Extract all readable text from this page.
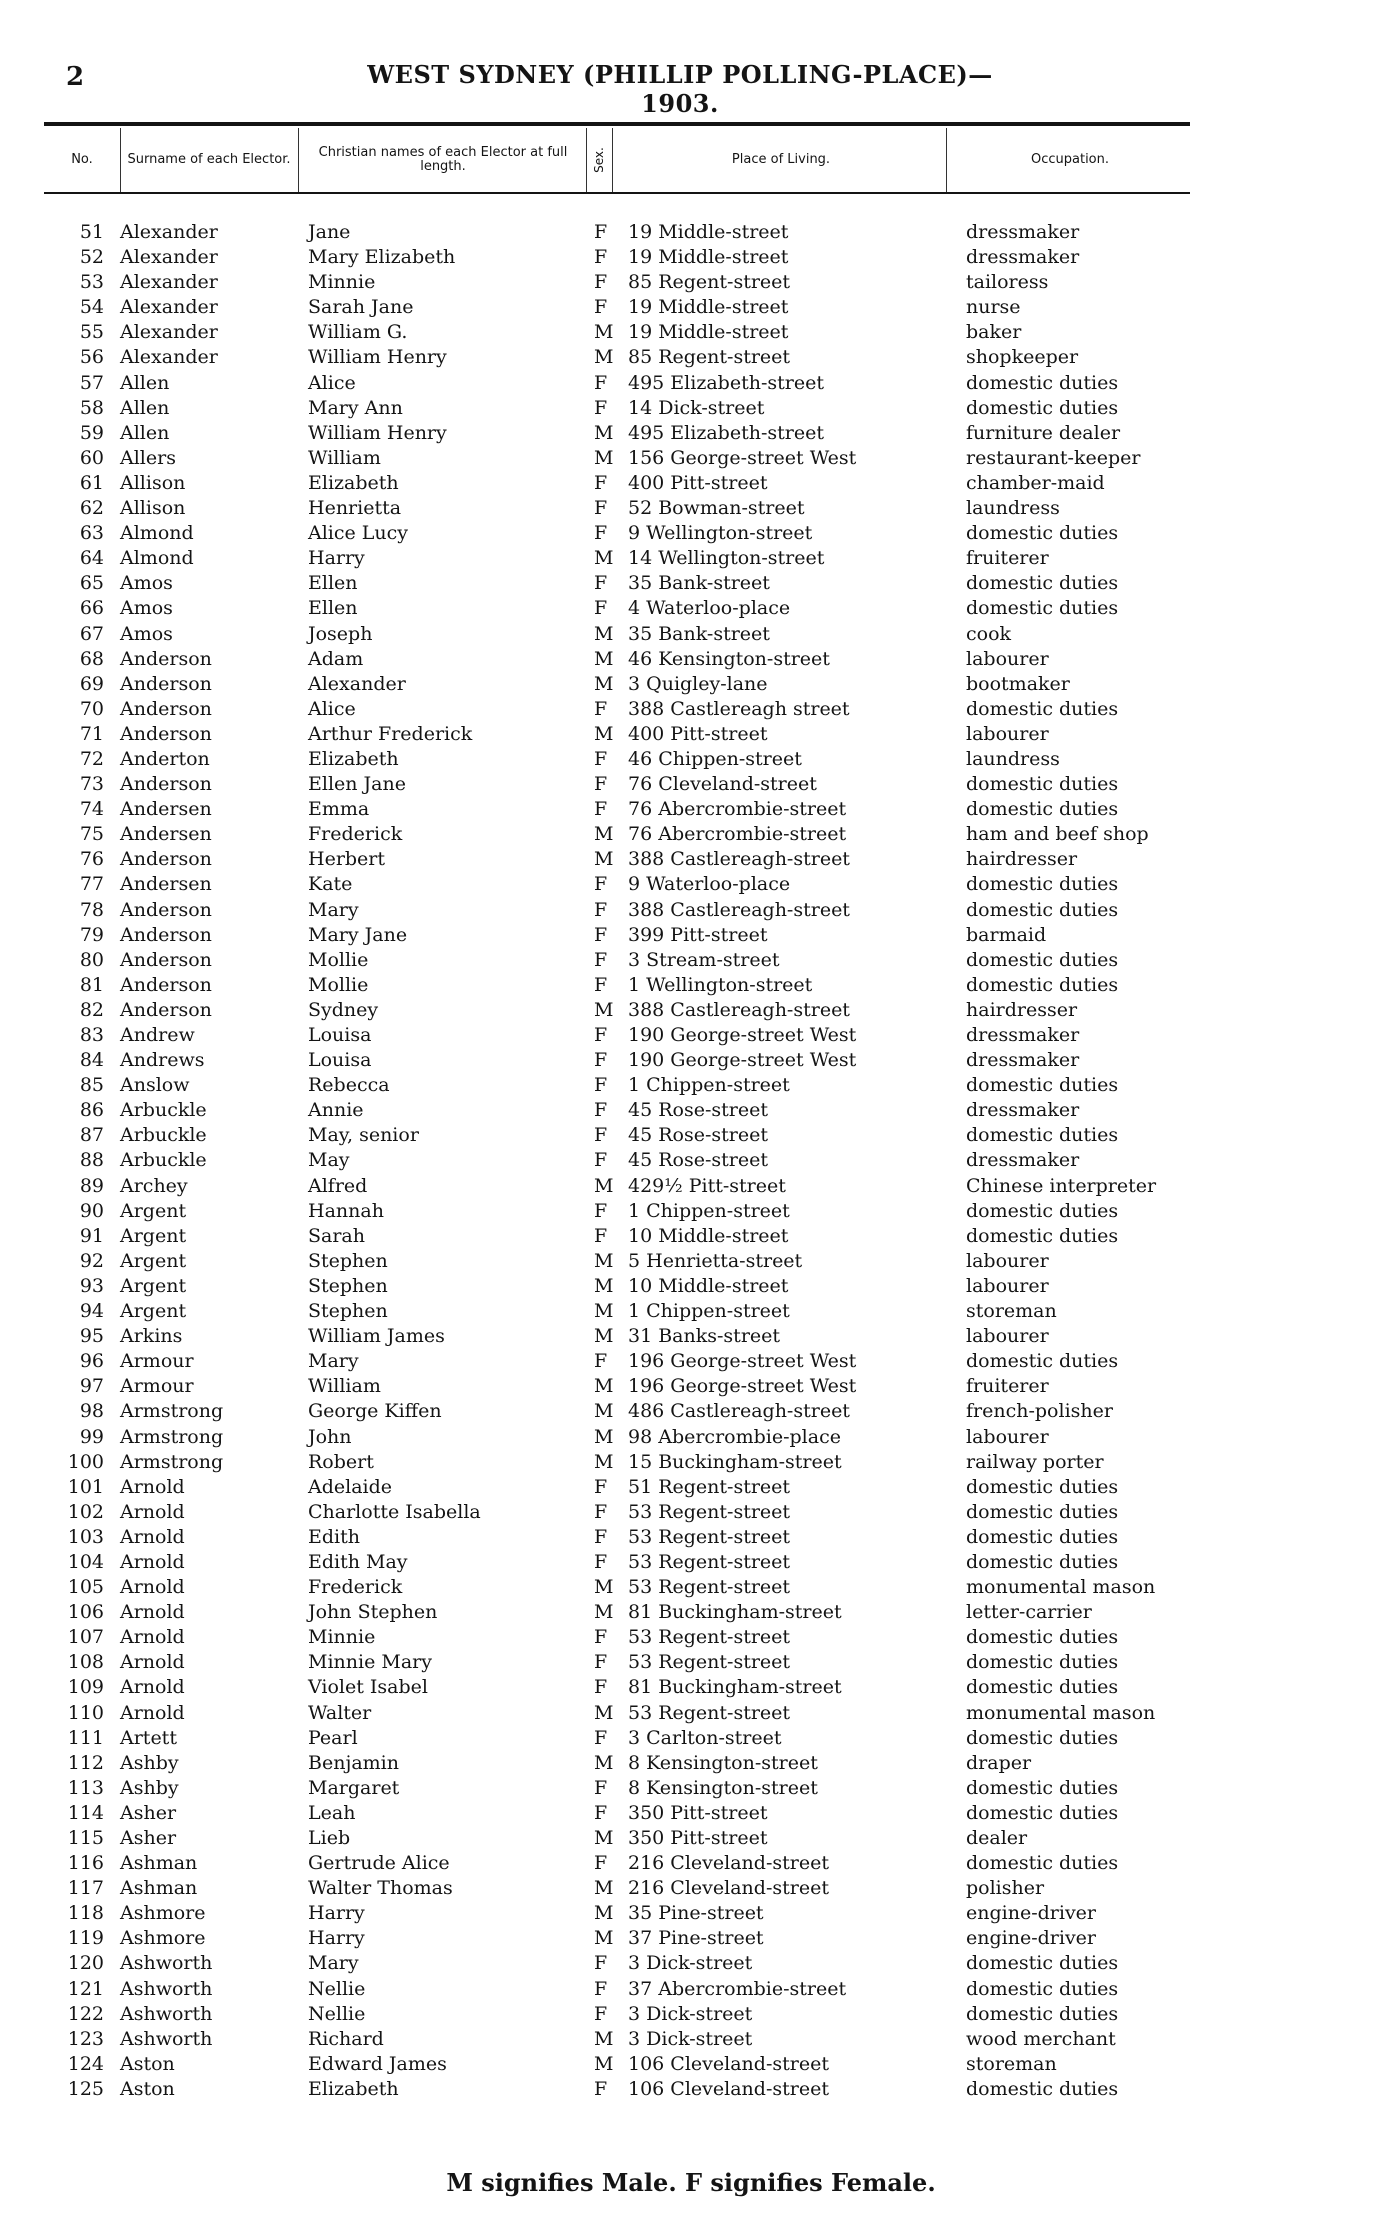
2	WEST SYDNEY (PHILLIP POLLING-PLACE)—1903.
No.	Surname of each Elector.	Christian names of each Elector at full length.	Sex.	Place of Living.	Occupation.
51 Alexander	Jane	F 19 Middle-street	dressmaker
52 Alexander	Mary Elizabeth	F 19 Middle-street	dressmaker
53 Alexander	Minnie	F 85 Regent-street	tailoress
54 Alexander	Sarah Jane	F 19 Middle-street	nurse
55 Alexander	William G.	M 19 Middle-street	baker
56 Alexander	William Henry	M 85 Regent-street	shopkeeper
57 Allen	Alice	F 495 Elizabeth-street	domestic duties
58 Allen	Mary Ann	F 14 Dick-street	domestic duties
59 Allen	William Henry	M 495 Elizabeth-street	furniture dealer
60 Allers	William	M 156 George-street West	restaurant-keeper
61 Allison	Elizabeth	F 400 Pitt-street	chamber-maid
62 Allison	Henrietta	F 52 Bowman-street	laundress
63 Almond	Alice Lucy	F 9 Wellington-street	domestic duties
64 Almond	Harry	M 14 Wellington-street	fruiterer
65 Amos	Ellen	F 35 Bank-street	domestic duties
66 Amos	Ellen	F 4 Waterloo-place	domestic duties
67 Amos	Joseph	M 35 Bank-street	cook
68 Anderson	Adam	M 46 Kensington-street	labourer
69 Anderson	Alexander	M 3 Quigley-lane	bootmaker
70 Anderson	Alice	F 388 Castlereagh street	domestic duties
71 Anderson	Arthur Frederick	M 400 Pitt-street	labourer
72 Anderton	Elizabeth	F 46 Chippen-street	laundress
73 Anderson	Ellen Jane	F 76 Cleveland-street	domestic duties
74 Andersen	Emma	F 76 Abercrombie-street	domestic duties
75 Andersen	Frederick	M 76 Abercrombie-street	ham and beef shop
76 Anderson	Herbert	M 388 Castlereagh-street	hairdresser
77 Andersen	Kate	F 9 Waterloo-place	domestic duties
78 Anderson	Mary	F 388 Castlereagh-street	domestic duties
79 Anderson	Mary Jane	F 399 Pitt-street	barmaid
80 Anderson	Mollie	F 3 Stream-street	domestic duties
81 Anderson	Mollie	F 1 Wellington-street	domestic duties
82 Anderson	Sydney	M 388 Castlereagh-street	hairdresser
83 Andrew	Louisa	F 190 George-street West	dressmaker
84 Andrews	Louisa	F 190 George-street West	dressmaker
85 Anslow	Rebecca	F 1 Chippen-street	domestic duties
86 Arbuckle	Annie	F 45 Rose-street	dressmaker
87 Arbuckle	May, senior	F 45 Rose-street	domestic duties
88 Arbuckle	May	F 45 Rose-street	dressmaker
89 Archey	Alfred	M 429½ Pitt-street	Chinese interpreter
90 Argent	Hannah	F 1 Chippen-street	domestic duties
91 Argent	Sarah	F 10 Middle-street	domestic duties
92 Argent	Stephen	M 5 Henrietta-street	labourer
93 Argent	Stephen	M 10 Middle-street	labourer
94 Argent	Stephen	M 1 Chippen-street	storeman
95 Arkins	William James	M 31 Banks-street	labourer
96 Armour	Mary	F 196 George-street West	domestic duties
97 Armour	William	M 196 George-street West	fruiterer
98 Armstrong	George Kiffen	M 486 Castlereagh-street	french-polisher
99 Armstrong	John	M 98 Abercrombie-place	labourer
100 Armstrong	Robert	M 15 Buckingham-street	railway porter
101 Arnold	Adelaide	F 51 Regent-street	domestic duties
102 Arnold	Charlotte Isabella	F 53 Regent-street	domestic duties
103 Arnold	Edith	F 53 Regent-street	domestic duties
104 Arnold	Edith May	F 53 Regent-street	domestic duties
105 Arnold	Frederick	M 53 Regent-street	monumental mason
106 Arnold	John Stephen	M 81 Buckingham-street	letter-carrier
107 Arnold	Minnie	F 53 Regent-street	domestic duties
108 Arnold	Minnie Mary	F 53 Regent-street	domestic duties
109 Arnold	Violet Isabel	F 81 Buckingham-street	domestic duties
110 Arnold	Walter	M 53 Regent-street	monumental mason
111 Artett	Pearl	F 3 Carlton-street	domestic duties
112 Ashby	Benjamin	M 8 Kensington-street	draper
113 Ashby	Margaret	F 8 Kensington-street	domestic duties
114 Asher	Leah	F 350 Pitt-street	domestic duties
115 Asher	Lieb	M 350 Pitt-street	dealer
116 Ashman	Gertrude Alice	F 216 Cleveland-street	domestic duties
117 Ashman	Walter Thomas	M 216 Cleveland-street	polisher
118 Ashmore	Harry	M 35 Pine-street	engine-driver
119 Ashmore	Harry	M 37 Pine-street	engine-driver
120 Ashworth	Mary	F 3 Dick-street	domestic duties
121 Ashworth	Nellie	F 37 Abercrombie-street	domestic duties
122 Ashworth	Nellie	F 3 Dick-street	domestic duties
123 Ashworth	Richard	M 3 Dick-street	wood merchant
124 Aston	Edward James	M 106 Cleveland-street	storeman
125 Aston	Elizabeth	F 106 Cleveland-street	domestic duties
M signifies Male. F signifies Female.
